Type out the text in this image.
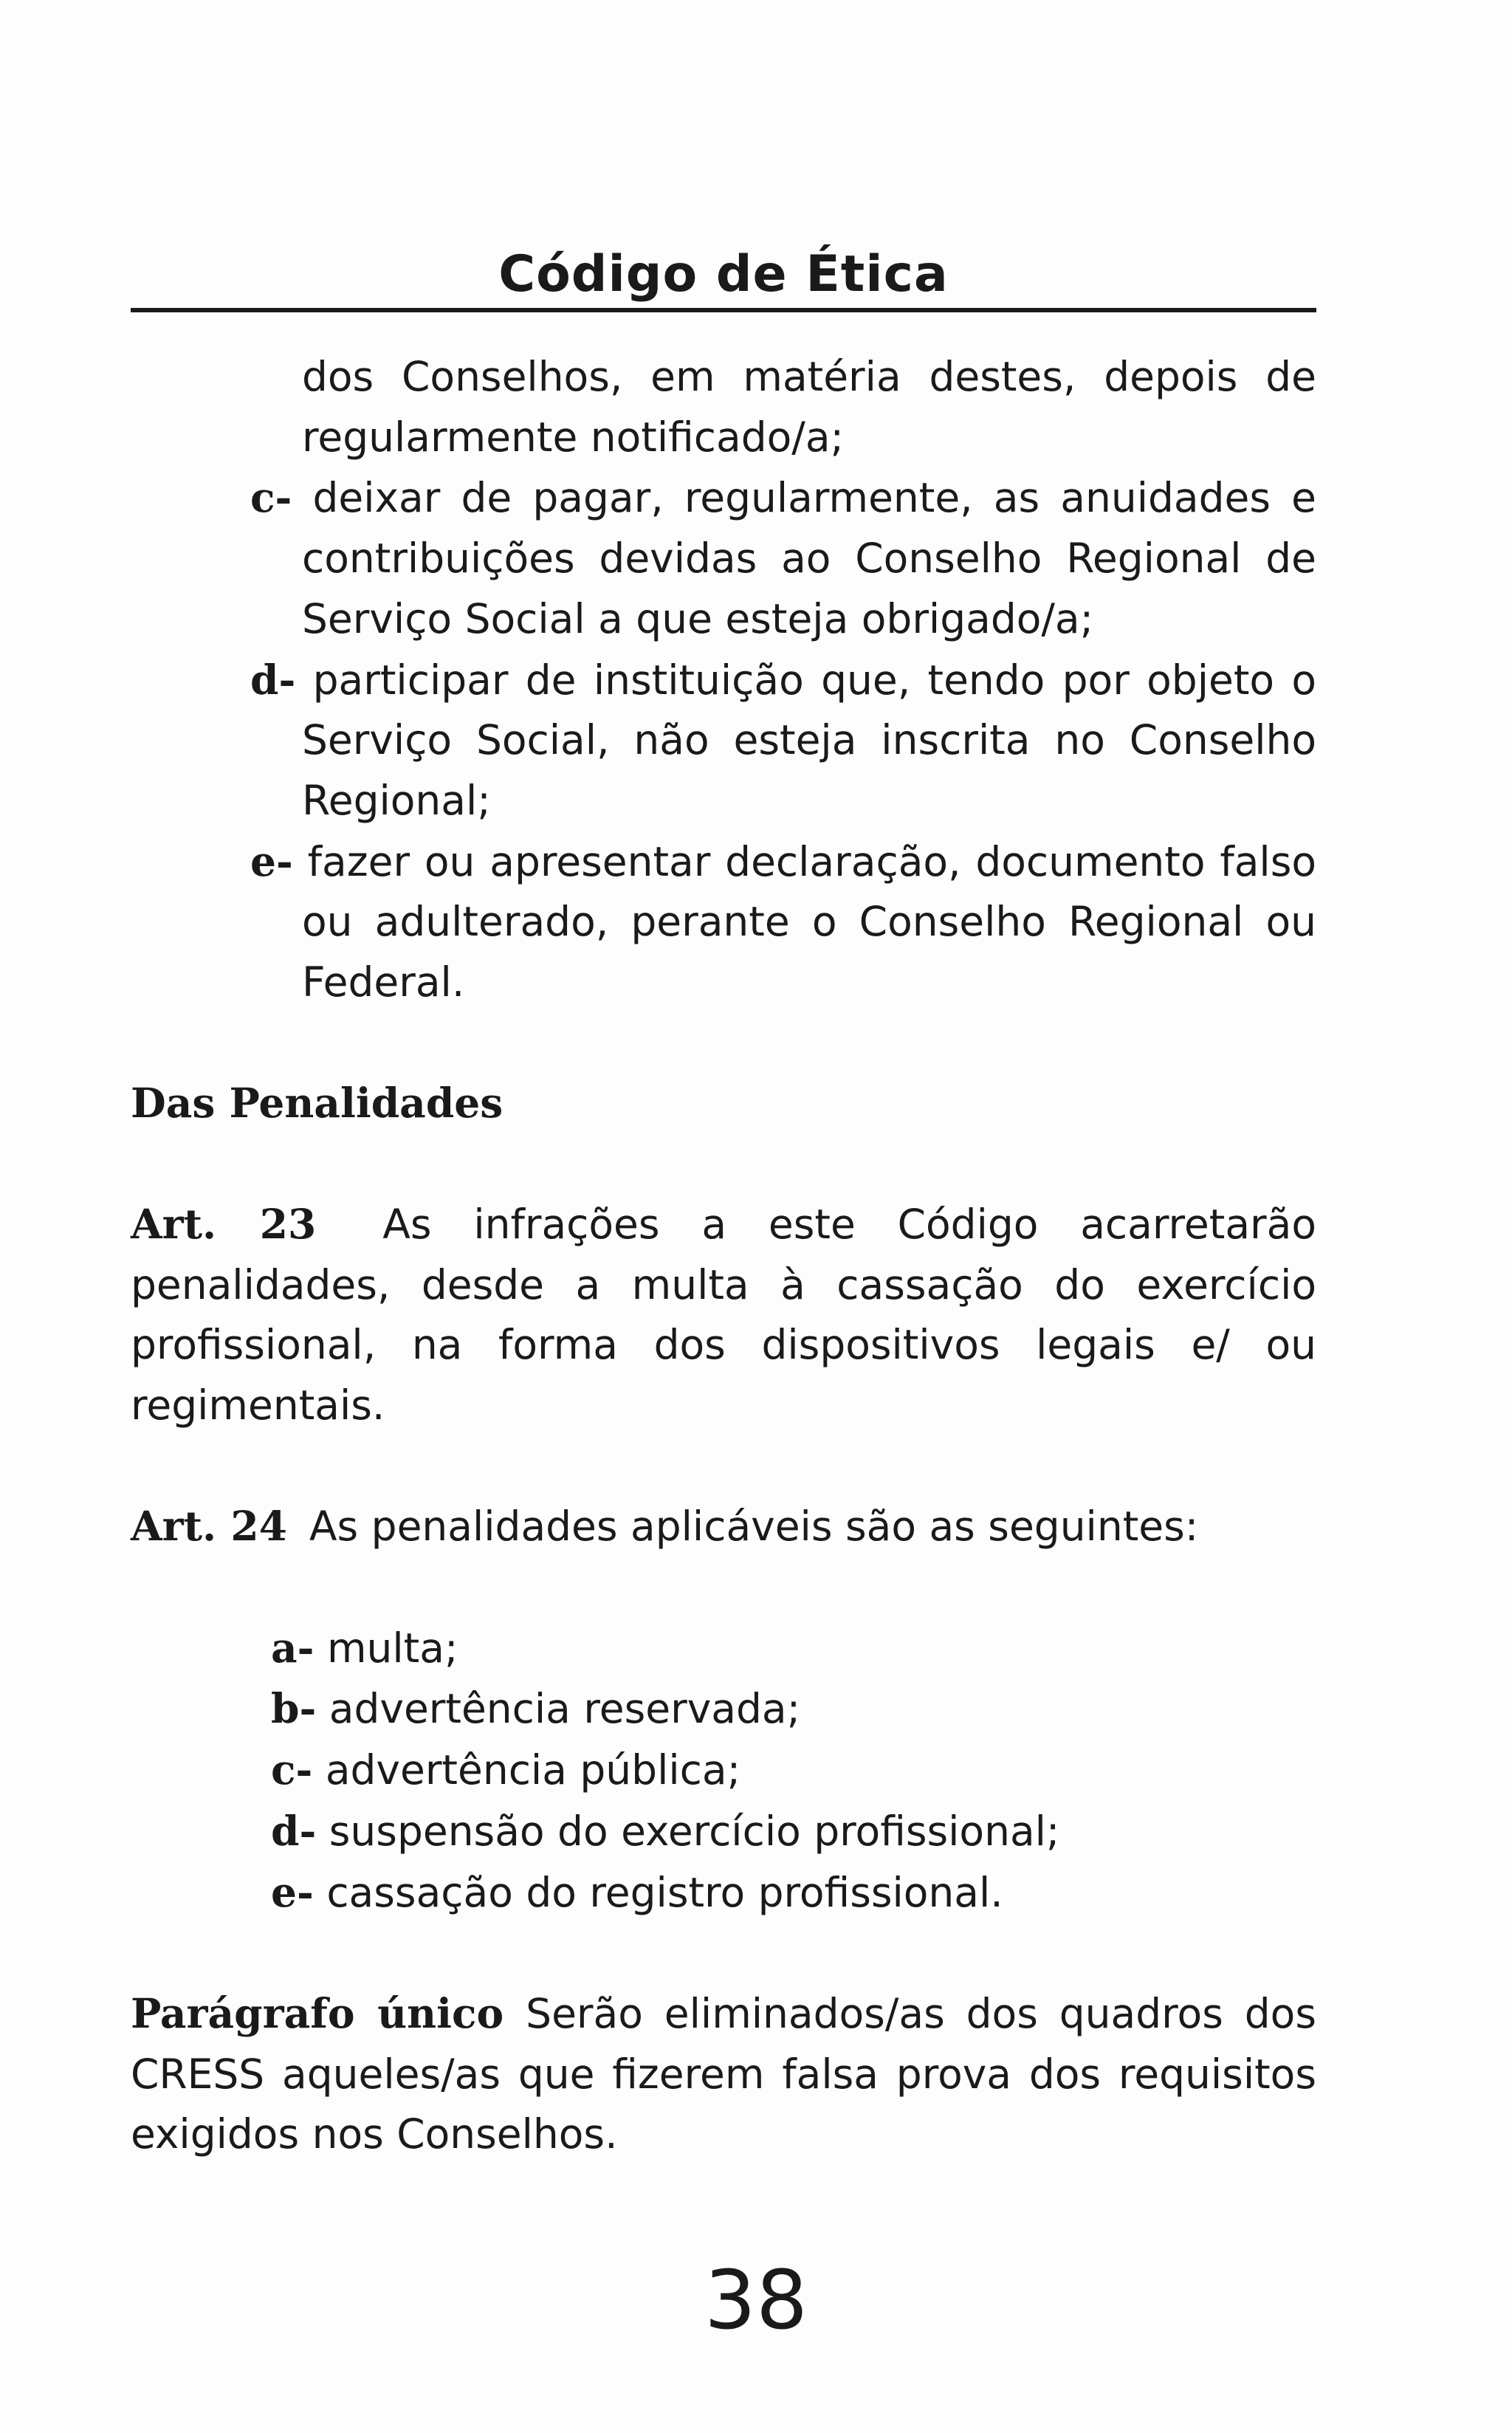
Código de Ética

dos Conselhos, em matéria destes, depois de regularmente notificado/a;

c- deixar de pagar, regularmente, as anuidades e contribuições devidas ao Conselho Regional de Serviço Social a que esteja obrigado/a;

d- participar de instituição que, tendo por objeto o Serviço Social, não esteja inscrita no Conselho Regional;

e- fazer ou apresentar declaração, documento falso ou adulterado, perante o Conselho Regional ou Federal.

Das Penalidades

Art. 23 As infrações a este Código acarretarão penalidades, desde a multa à cassação do exercício profissional, na forma dos dispositivos legais e/ ou regimentais.

Art. 24 As penalidades aplicáveis são as seguintes:

a- multa;

b- advertência reservada;

c- advertência pública;

d- suspensão do exercício profissional;

e- cassação do registro profissional.

Parágrafo único Serão eliminados/as dos quadros dos CRESS aqueles/as que fizerem falsa prova dos requisitos exigidos nos Conselhos.

38
